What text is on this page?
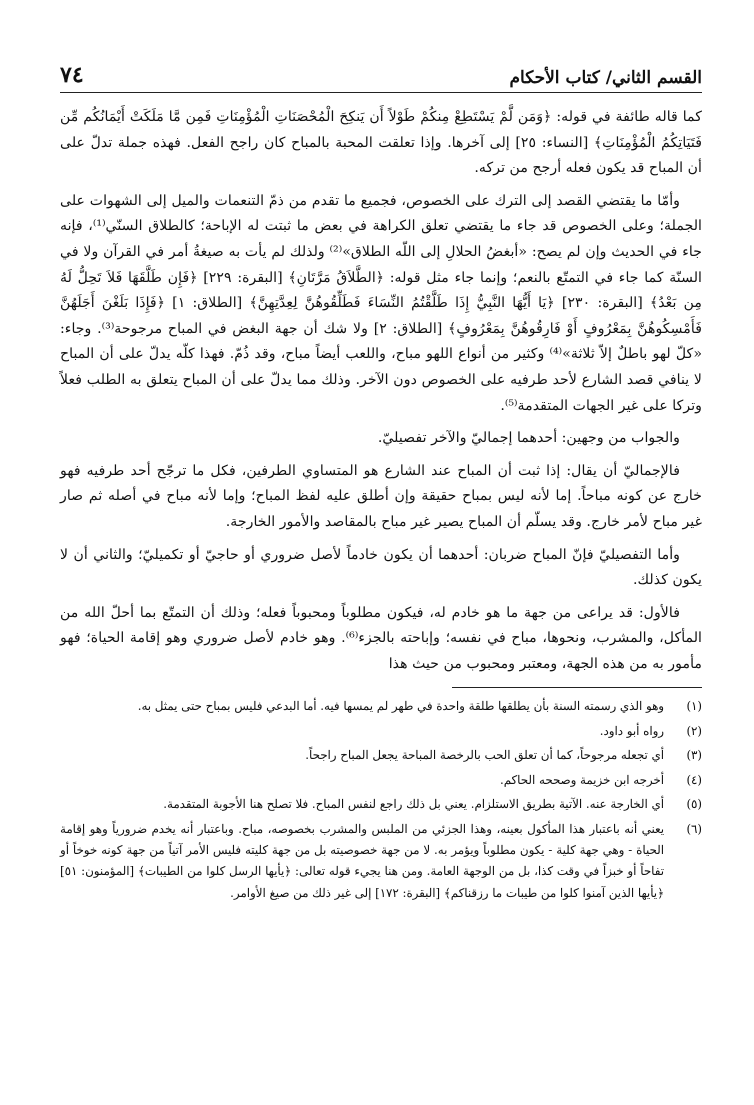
القسم الثاني/ كتاب الأحكام
٧٤

كما قاله طائفة في قوله: ﴿وَمَن لَّمْ يَسْتَطِعْ مِنكُمْ طَوْلاً أَن يَنكِحَ الْمُحْصَنَاتِ الْمُؤْمِنَاتِ فَمِن مَّا مَلَكَتْ أَيْمَانُكُم مِّن فَتَيَاتِكُمُ الْمُؤْمِنَاتِ﴾ [النساء: ٢٥] إلى آخرها. وإذا تعلقت المحبة بالمباح كان راجح الفعل. فهذه جملة تدلّ على أن المباح قد يكون فعله أرجح من تركه.

وأمّا ما يقتضي القصد إلى الترك على الخصوص، فجميع ما تقدم من ذمّ التنعمات والميل إلى الشهوات على الجملة؛ وعلى الخصوص قد جاء ما يقتضي تعلق الكراهة في بعض ما ثبتت له الإباحة؛ كالطلاق السنّي⁽¹⁾، فإنه جاء في الحديث وإن لم يصح: «أبغضُ الحلالِ إلى اللّه الطلاق»⁽²⁾ ولذلك لم يأت به صيغةُ أمر في القرآن ولا في السنّة كما جاء في التمتّع بالنعم؛ وإنما جاء مثل قوله: ﴿الطَّلاَقُ مَرَّتَانِ﴾ [البقرة: ٢٢٩] ﴿فَإِن طَلَّقَهَا فَلاَ تَحِلُّ لَهُ مِن بَعْدُ﴾ [البقرة: ٢٣٠] ﴿يَا أَيُّهَا النَّبِيُّ إِذَا طَلَّقْتُمُ النِّسَاءَ فَطَلِّقُوهُنَّ لِعِدَّتِهِنَّ﴾ [الطلاق: ١] ﴿فَإِذَا بَلَغْنَ أَجَلَهُنَّ فَأَمْسِكُوهُنَّ بِمَعْرُوفٍ أَوْ فَارِقُوهُنَّ بِمَعْرُوفٍ﴾ [الطلاق: ٢] ولا شك أن جهة البغض في المباح مرجوحة⁽³⁾. وجاء: «كلّ لهو باطلٌ إلاّ ثلاثة»⁽⁴⁾ وكثير من أنواع اللهو مباح، واللعب أيضاً مباح، وقد ذُمّ. فهذا كلّه يدلّ على أن المباح لا ينافي قصد الشارع لأحد طرفيه على الخصوص دون الآخر. وذلك مما يدلّ على أن المباح يتعلق به الطلب فعلاً وتركا على غير الجهات المتقدمة⁽⁵⁾.

والجواب من وجهين: أحدهما إجماليّ والآخر تفصيليّ.

فالإجماليّ أن يقال: إذا ثبت أن المباح عند الشارع هو المتساوي الطرفين، فكل ما ترجّح أحد طرفيه فهو خارج عن كونه مباحاً. إما لأنه ليس بمباح حقيقة وإن أطلق عليه لفظ المباح؛ وإما لأنه مباح في أصله ثم صار غير مباح لأمر خارج. وقد يسلّم أن المباح يصير غير مباح بالمقاصد والأمور الخارجة.

وأما التفصيليّ فإنّ المباح ضربان: أحدهما أن يكون خادماً لأصل ضروري أو حاجيّ أو تكميليّ؛ والثاني أن لا يكون كذلك.

فالأول: قد يراعى من جهة ما هو خادم له، فيكون مطلوباً ومحبوباً فعله؛ وذلك أن التمتّع بما أحلّ الله من المأكل، والمشرب، ونحوها، مباح في نفسه؛ وإباحته بالجزء⁽⁶⁾. وهو خادم لأصل ضروري وهو إقامة الحياة؛ فهو مأمور به من هذه الجهة، ومعتبر ومحبوب من حيث هذا

(١)
وهو الذي رسمته السنة بأن يطلقها طلقة واحدة في طهر لم يمسها فيه. أما البدعي فليس بمباح حتى يمثل به.
(٢)
رواه أبو داود.
(٣)
أي تجعله مرجوحاً، كما أن تعلق الحب بالرخصة المباحة يجعل المباح راجحاً.
(٤)
أخرجه ابن خزيمة وصححه الحاكم.
(٥)
أي الخارجة عنه. الآتية بطريق الاستلزام. يعني بل ذلك راجع لنفس المباح. فلا تصلح هنا الأجوبة المتقدمة.
(٦)
يعني أنه باعتبار هذا المأكول بعينه، وهذا الجزئي من الملبس والمشرب بخصوصه، مباح. وباعتبار أنه يخدم ضرورياً وهو إقامة الحياة - وهي جهة كلية - يكون مطلوباً ويؤمر به. لا من جهة خصوصيته بل من جهة كليته فليس الأمر آتياً من جهة كونه خوخاً أو تفاحاً أو خبزاً في وقت كذا، بل من الوجهة العامة. ومن هنا يجيء قوله تعالى: ﴿يأيها الرسل كلوا من الطيبات﴾ [المؤمنون: ٥١] ﴿يأيها الذين آمنوا كلوا من طيبات ما رزقناكم﴾ [البقرة: ١٧٢] إلى غير ذلك من صيغ الأوامر.
